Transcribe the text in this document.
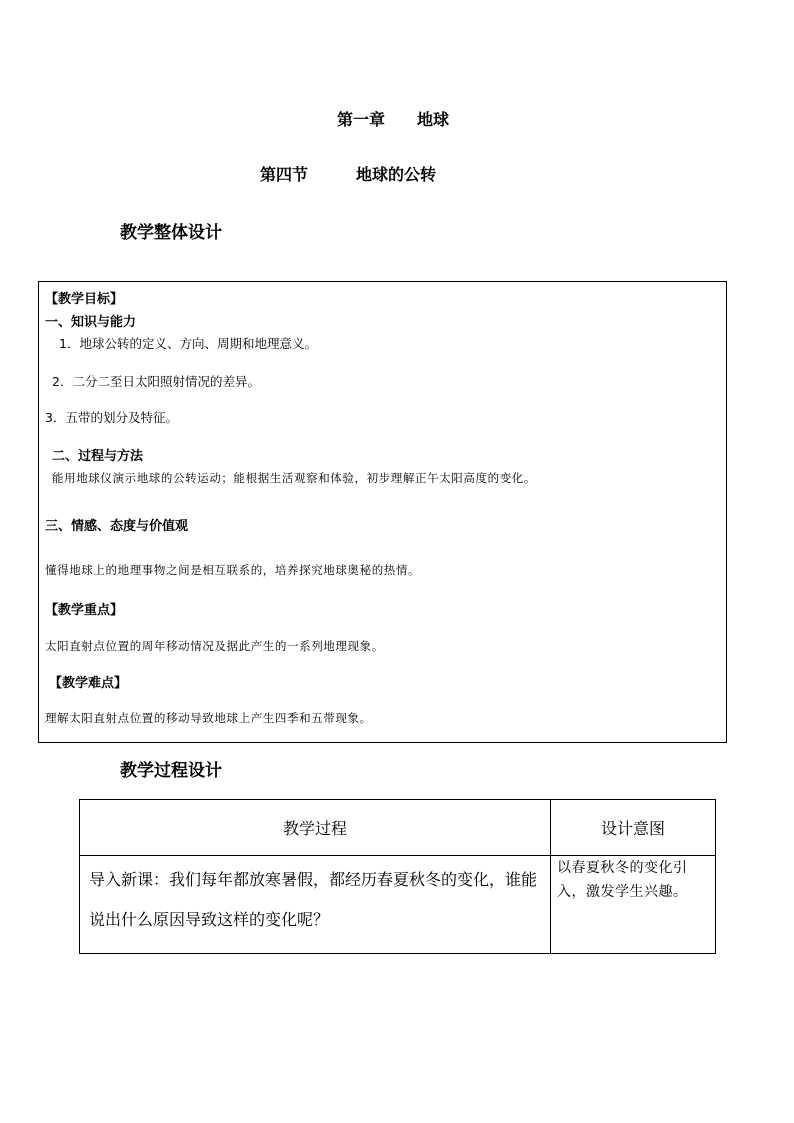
第一章 地球
第四节	地球的公转
教学整体设计
【教学目标】
一、知识与能力
1．地球公转的定义、方向、周期和地理意义。
2．二分二至日太阳照射情况的差异。
3．五带的划分及特征。
二、过程与方法
能用地球仪演示地球的公转运动；能根据生活观察和体验，初步理解正午太阳高度的变化。
三、情感、态度与价值观
懂得地球上的地理事物之间是相互联系的，培养探究地球奥秘的热情。
【教学重点】
太阳直射点位置的周年移动情况及据此产生的一系列地理现象。
【教学难点】
理解太阳直射点位置的移动导致地球上产生四季和五带现象。
教学过程设计
教学过程	设计意图

导入新课：我们每年都放寒暑假，都经历春夏秋冬的变化，谁能说出什么原因导致这样的变化呢？	以春夏秋冬的变化引入，激发学生兴趣。
